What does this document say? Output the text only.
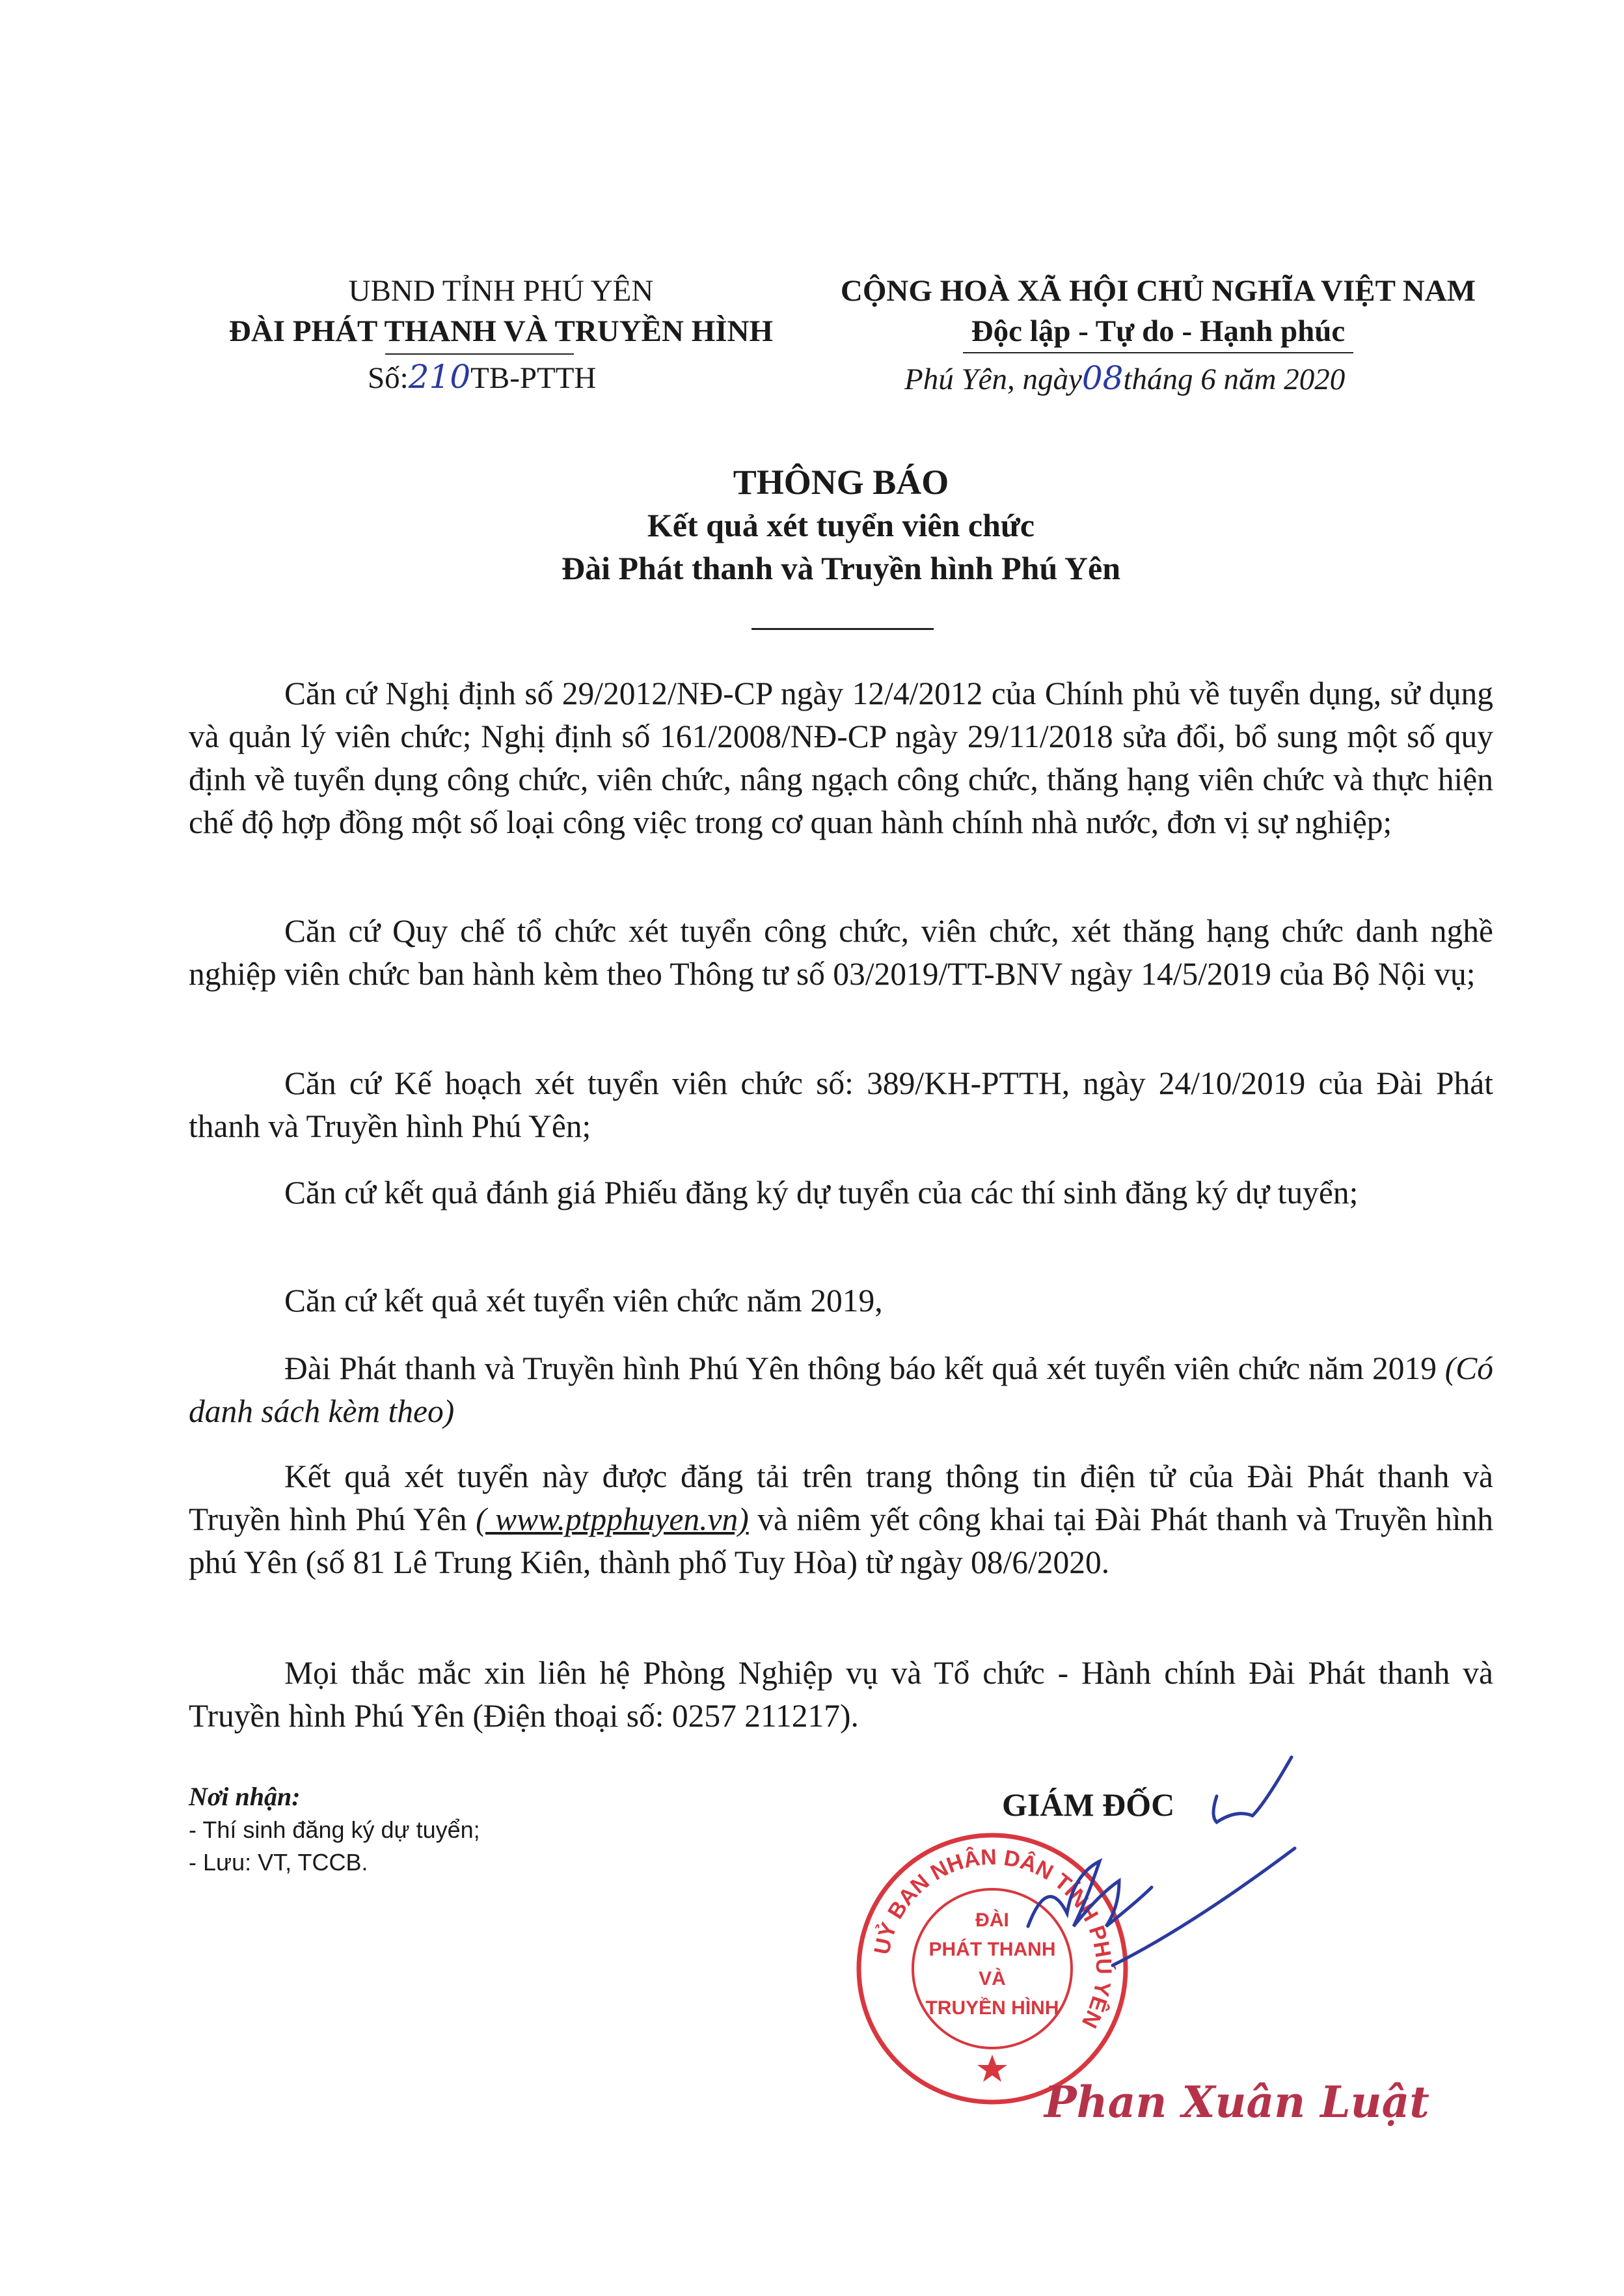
UBND TỈNH PHÚ YÊN
ĐÀI PHÁT THANH VÀ TRUYỀN HÌNH
Số:210TB-PTTH
CỘNG HOÀ XÃ HỘI CHỦ NGHĨA VIỆT NAM
Độc lập - Tự do - Hạnh phúc
Phú Yên, ngày08tháng 6 năm 2020
THÔNG BÁO
Kết quả xét tuyển viên chức
Đài Phát thanh và Truyền hình Phú Yên

Căn cứ Nghị định số 29/2012/NĐ-CP ngày 12/4/2012 của Chính phủ về tuyển dụng, sử dụng và quản lý viên chức; Nghị định số 161/2008/NĐ-CP ngày 29/11/2018 sửa đổi, bổ sung một số quy định về tuyển dụng công chức, viên chức, nâng ngạch công chức, thăng hạng viên chức và thực hiện chế độ hợp đồng một số loại công việc trong cơ quan hành chính nhà nước, đơn vị sự nghiệp;

Căn cứ Quy chế tổ chức xét tuyển công chức, viên chức, xét thăng hạng chức danh nghề nghiệp viên chức ban hành kèm theo Thông tư số 03/2019/TT-BNV ngày 14/5/2019 của Bộ Nội vụ;

Căn cứ Kế hoạch xét tuyển viên chức số: 389/KH-PTTH, ngày 24/10/2019 của Đài Phát thanh và Truyền hình Phú Yên;

Căn cứ kết quả đánh giá Phiếu đăng ký dự tuyển của các thí sinh đăng ký dự tuyển;

Căn cứ kết quả xét tuyển viên chức năm 2019,

Đài Phát thanh và Truyền hình Phú Yên thông báo kết quả xét tuyển viên chức năm 2019 (Có danh sách kèm theo)

Kết quả xét tuyển này được đăng tải trên trang thông tin điện tử của Đài Phát thanh và Truyền hình Phú Yên ( www.ptpphuyen.vn) và niêm yết công khai tại Đài Phát thanh và Truyền hình phú Yên (số 81 Lê Trung Kiên, thành phố Tuy Hòa) từ ngày 08/6/2020.

Mọi thắc mắc xin liên hệ Phòng Nghiệp vụ và Tổ chức - Hành chính Đài Phát thanh và Truyền hình Phú Yên (Điện thoại số: 0257 211217).

Nơi nhận:
- Thí sinh đăng ký dự tuyển;
- Lưu: VT, TCCB.
GIÁM ĐỐC
UỶ BAN NHÂN DÂN TỈNH PHÚ YÊN
ĐÀI
PHÁT THANH
VÀ
TRUYỀN HÌNH
Phan Xuân Luật
